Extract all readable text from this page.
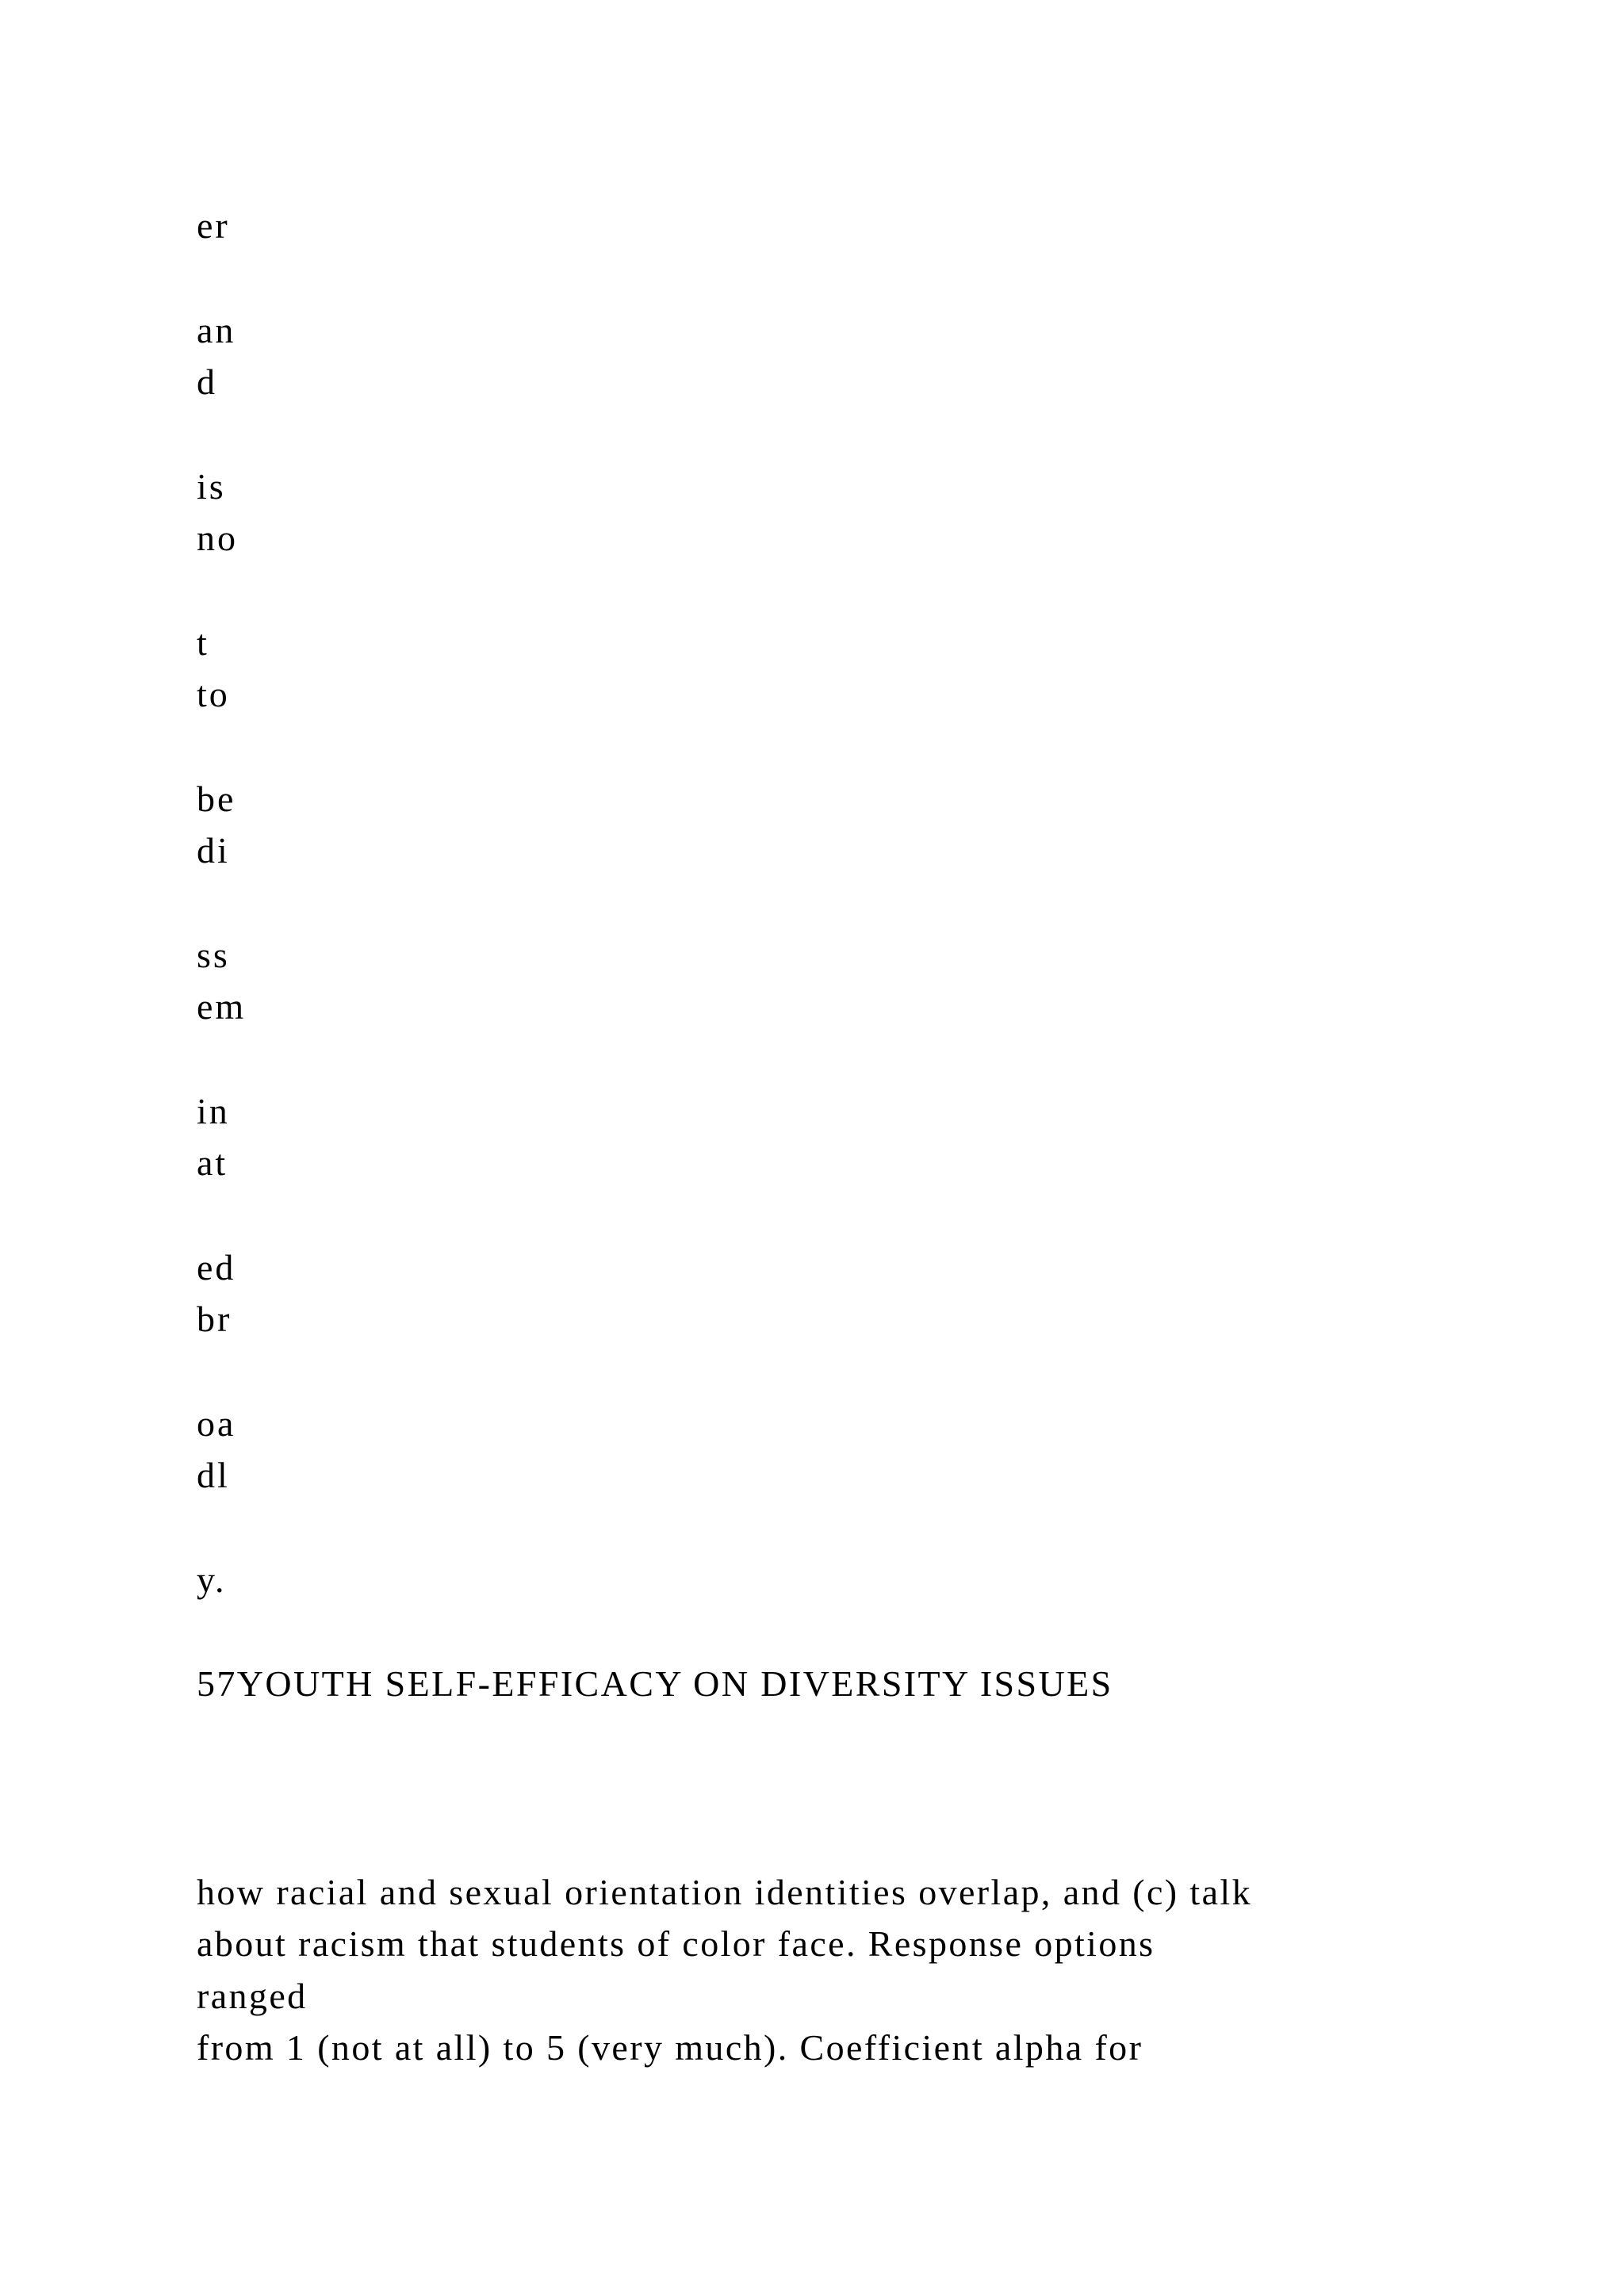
er
an
d
is
no
t
to
be
di
ss
em
in
at
ed
br
oa
dl
y.
57YOUTH SELF-EFFICACY ON DIVERSITY ISSUES
how racial and sexual orientation identities overlap, and (c) talk
about racism that students of color face. Response options
ranged
from 1 (not at all) to 5 (very much). Coefficient alpha for
